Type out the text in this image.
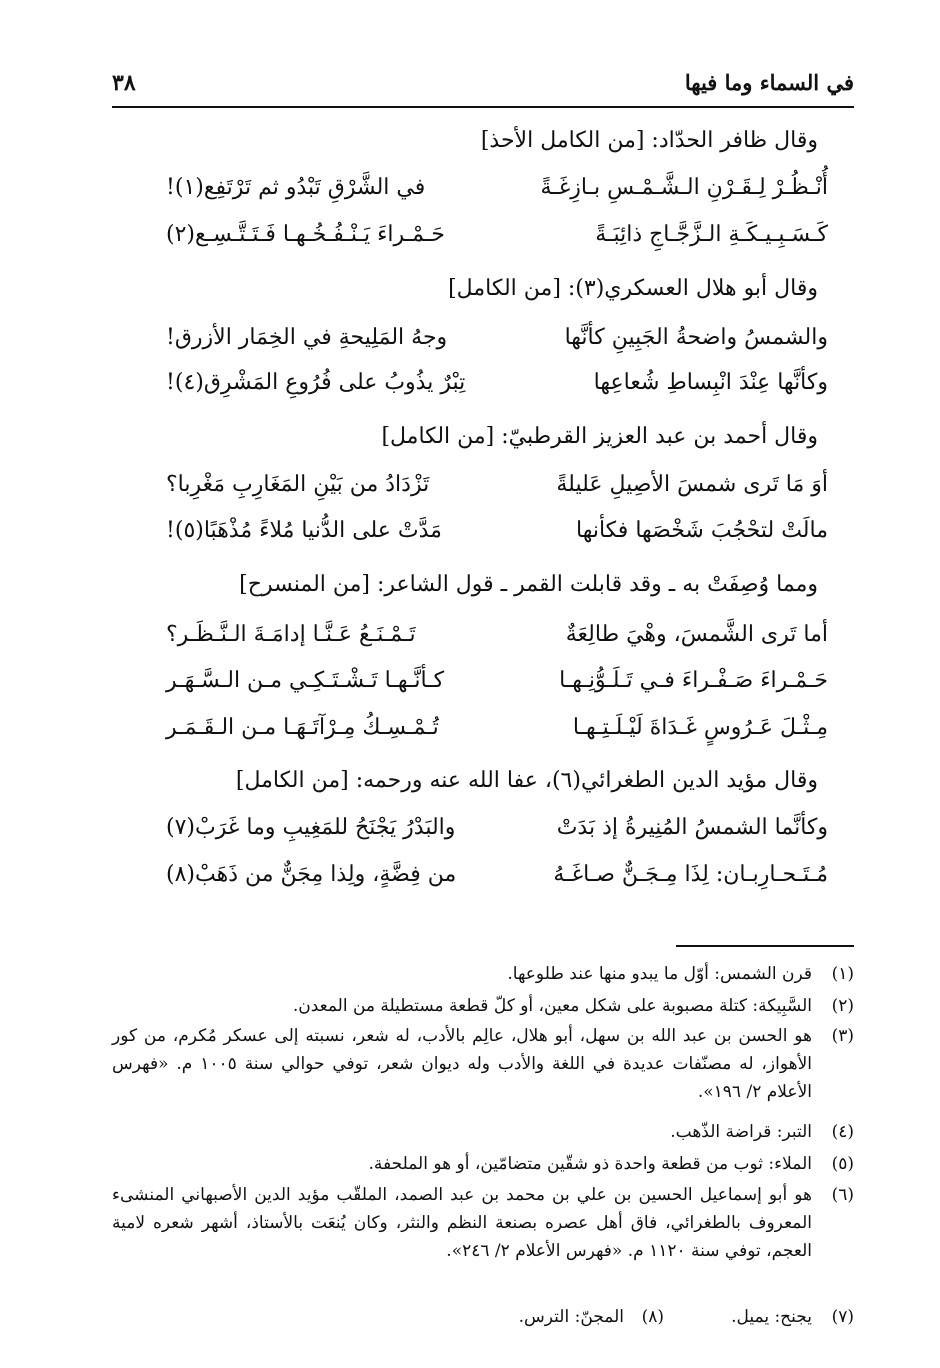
٣٨	في السماء وما فيها
وقال ظافر الحدّاد: [من الكامل الأحذ]
أُنْـظُـرْ لِـقَـرْنِ الـشَّـمْـسِ بـازِغَـةً
في الشَّرْقِ تَبْدُو ثم تَرْتَفِع(١)!
كَـسَـبِـيـكَـةِ الـزَّجَّـاجِ ذائِبَـةً
حَـمْـراءَ يَـنْـفُـخُـهـا فَـتَـتَّـسِـع(٢)
وقال أبو هلال العسكري(٣): [من الكامل]
والشمسُ واضحةُ الجَبِينِ كأنَّها
وجهُ المَلِيحةِ في الخِمَار الأزرق!
وكأنَّها عِنْدَ انْبِساطِ شُعاعِها
تِبْرٌ يذُوبُ على فُرُوعِ المَشْرِق(٤)!
وقال أحمد بن عبد العزيز القرطبيّ: [من الكامل]
أوَ مَا تَرى شمسَ الأصِيلِ عَليلةً
تَزْدَادُ من بَيْنِ المَغَارِبِ مَغْرِبا؟
مالَتْ لتحْجُبَ شَخْصَها فكأنها
مَدَّتْ على الدُّنيا مُلاءً مُذْهَبًا(٥)!
ومما وُصِفَتْ به ـ وقد قابلت القمر ـ قول الشاعر: [من المنسرح]
أما تَرى الشَّمسَ، وهْيَ طالِعَةٌ
تَـمْـنَـعُ عَـنَّـا إدامَـةَ الـنَّـظَـر؟
حَـمْـراءَ صَـفْـراءَ فـي تَـلَـوُّنِـهـا
كـأنَّـهـا تَـشْـتَـكِـي مـن الـسَّـهَـر
مِـثْـلَ عَـرُوسٍ غَـدَاةَ لَيْـلَـتِـهـا
تُـمْـسِـكُ مِـرْآتَـهَـا مـن الـقَـمَـر
وقال مؤيد الدين الطغرائي(٦)، عفا الله عنه ورحمه: [من الكامل]
وكأنَّما الشمسُ المُنِيرةُ إذ بَدَتْ
والبَدْرُ يَجْنَحُ للمَغِيبِ وما غَرَبْ(٧)
مُـتَـحـارِبـان: لِذَا مِـجَـنٌّ صـاغَـهُ
من فِضَّةٍ، ولِذا مِجَنٌّ من ذَهَبْ(٨)
(١)
قرن الشمس: أوّل ما يبدو منها عند طلوعها.
(٢)
السَّبِيكة: كتلة مصبوبة على شكل معين، أو كلّ قطعة مستطيلة من المعدن.
(٣)
هو الحسن بن عبد الله بن سهل، أبو هلال، عالِم بالأدب، له شعر، نسبته إلى عسكر مُكرم، من كور الأهواز، له مصنّفات عديدة في اللغة والأدب وله ديوان شعر، توفي حوالي سنة ١٠٠٥ م. «فهرس الأعلام ٢/ ١٩٦».
(٤)
التبر: قراضة الذّهب.
(٥)
الملاء: ثوب من قطعة واحدة ذو شقّين متضامّين، أو هو الملحفة.
(٦)
هو أبو إسماعيل الحسين بن علي بن محمد بن عبد الصمد، الملقّب مؤيد الدين الأصبهاني المنشىء المعروف بالطغرائي، فاق أهل عصره بصنعة النظم والنثر، وكان يُنعَت بالأستاذ، أشهر شعره لامية العجم، توفي سنة ١١٢٠ م. «فهرس الأعلام ٢/ ٢٤٦».
(٧)
يجنح: يميل.
(٨)
المجنّ: الترس.
